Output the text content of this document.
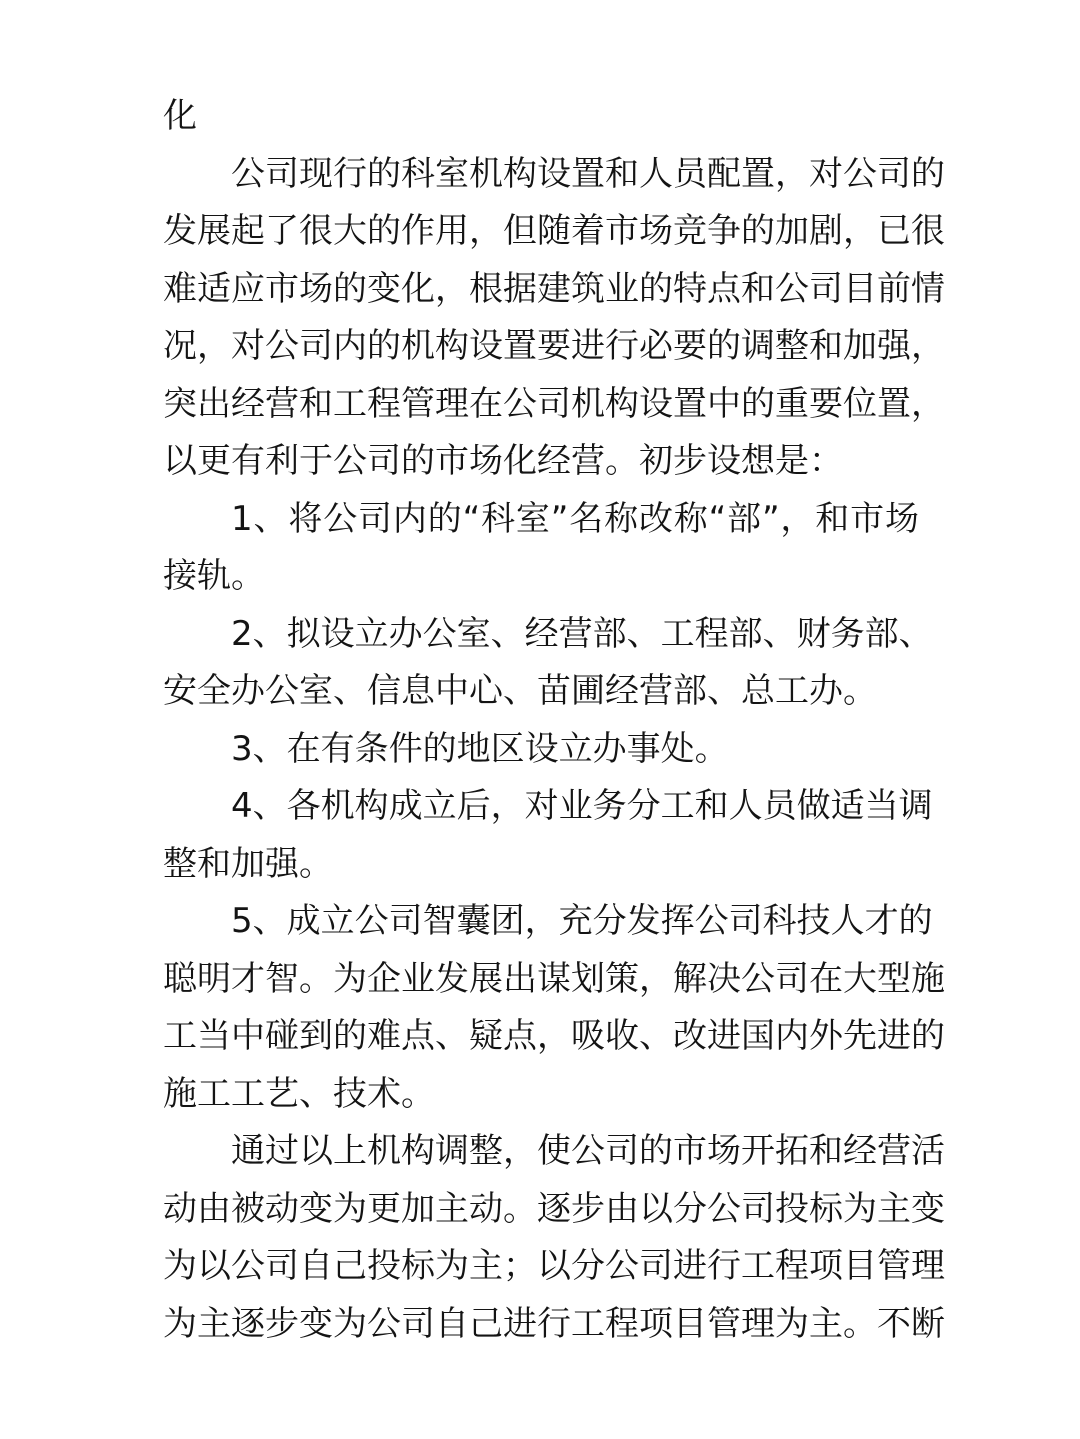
化

公司现行的科室机构设置和人员配置，对公司的
发展起了很大的作用，但随着市场竞争的加剧，已很
难适应市场的变化，根据建筑业的特点和公司目前情
况，对公司内的机构设置要进行必要的调整和加强，
突出经营和工程管理在公司机构设置中的重要位置，
以更有利于公司的市场化经营。初步设想是：

1、将公司内的“科室”名称改称“部”，和市场
接轨。

2、拟设立办公室、经营部、工程部、财务部、
安全办公室、信息中心、苗圃经营部、总工办。

3、在有条件的地区设立办事处。

4、各机构成立后，对业务分工和人员做适当调
整和加强。

5、成立公司智囊团，充分发挥公司科技人才的
聪明才智。为企业发展出谋划策，解决公司在大型施
工当中碰到的难点、疑点，吸收、改进国内外先进的
施工工艺、技术。

通过以上机构调整，使公司的市场开拓和经营活
动由被动变为更加主动。逐步由以分公司投标为主变
为以公司自己投标为主；以分公司进行工程项目管理
为主逐步变为公司自己进行工程项目管理为主。不断
